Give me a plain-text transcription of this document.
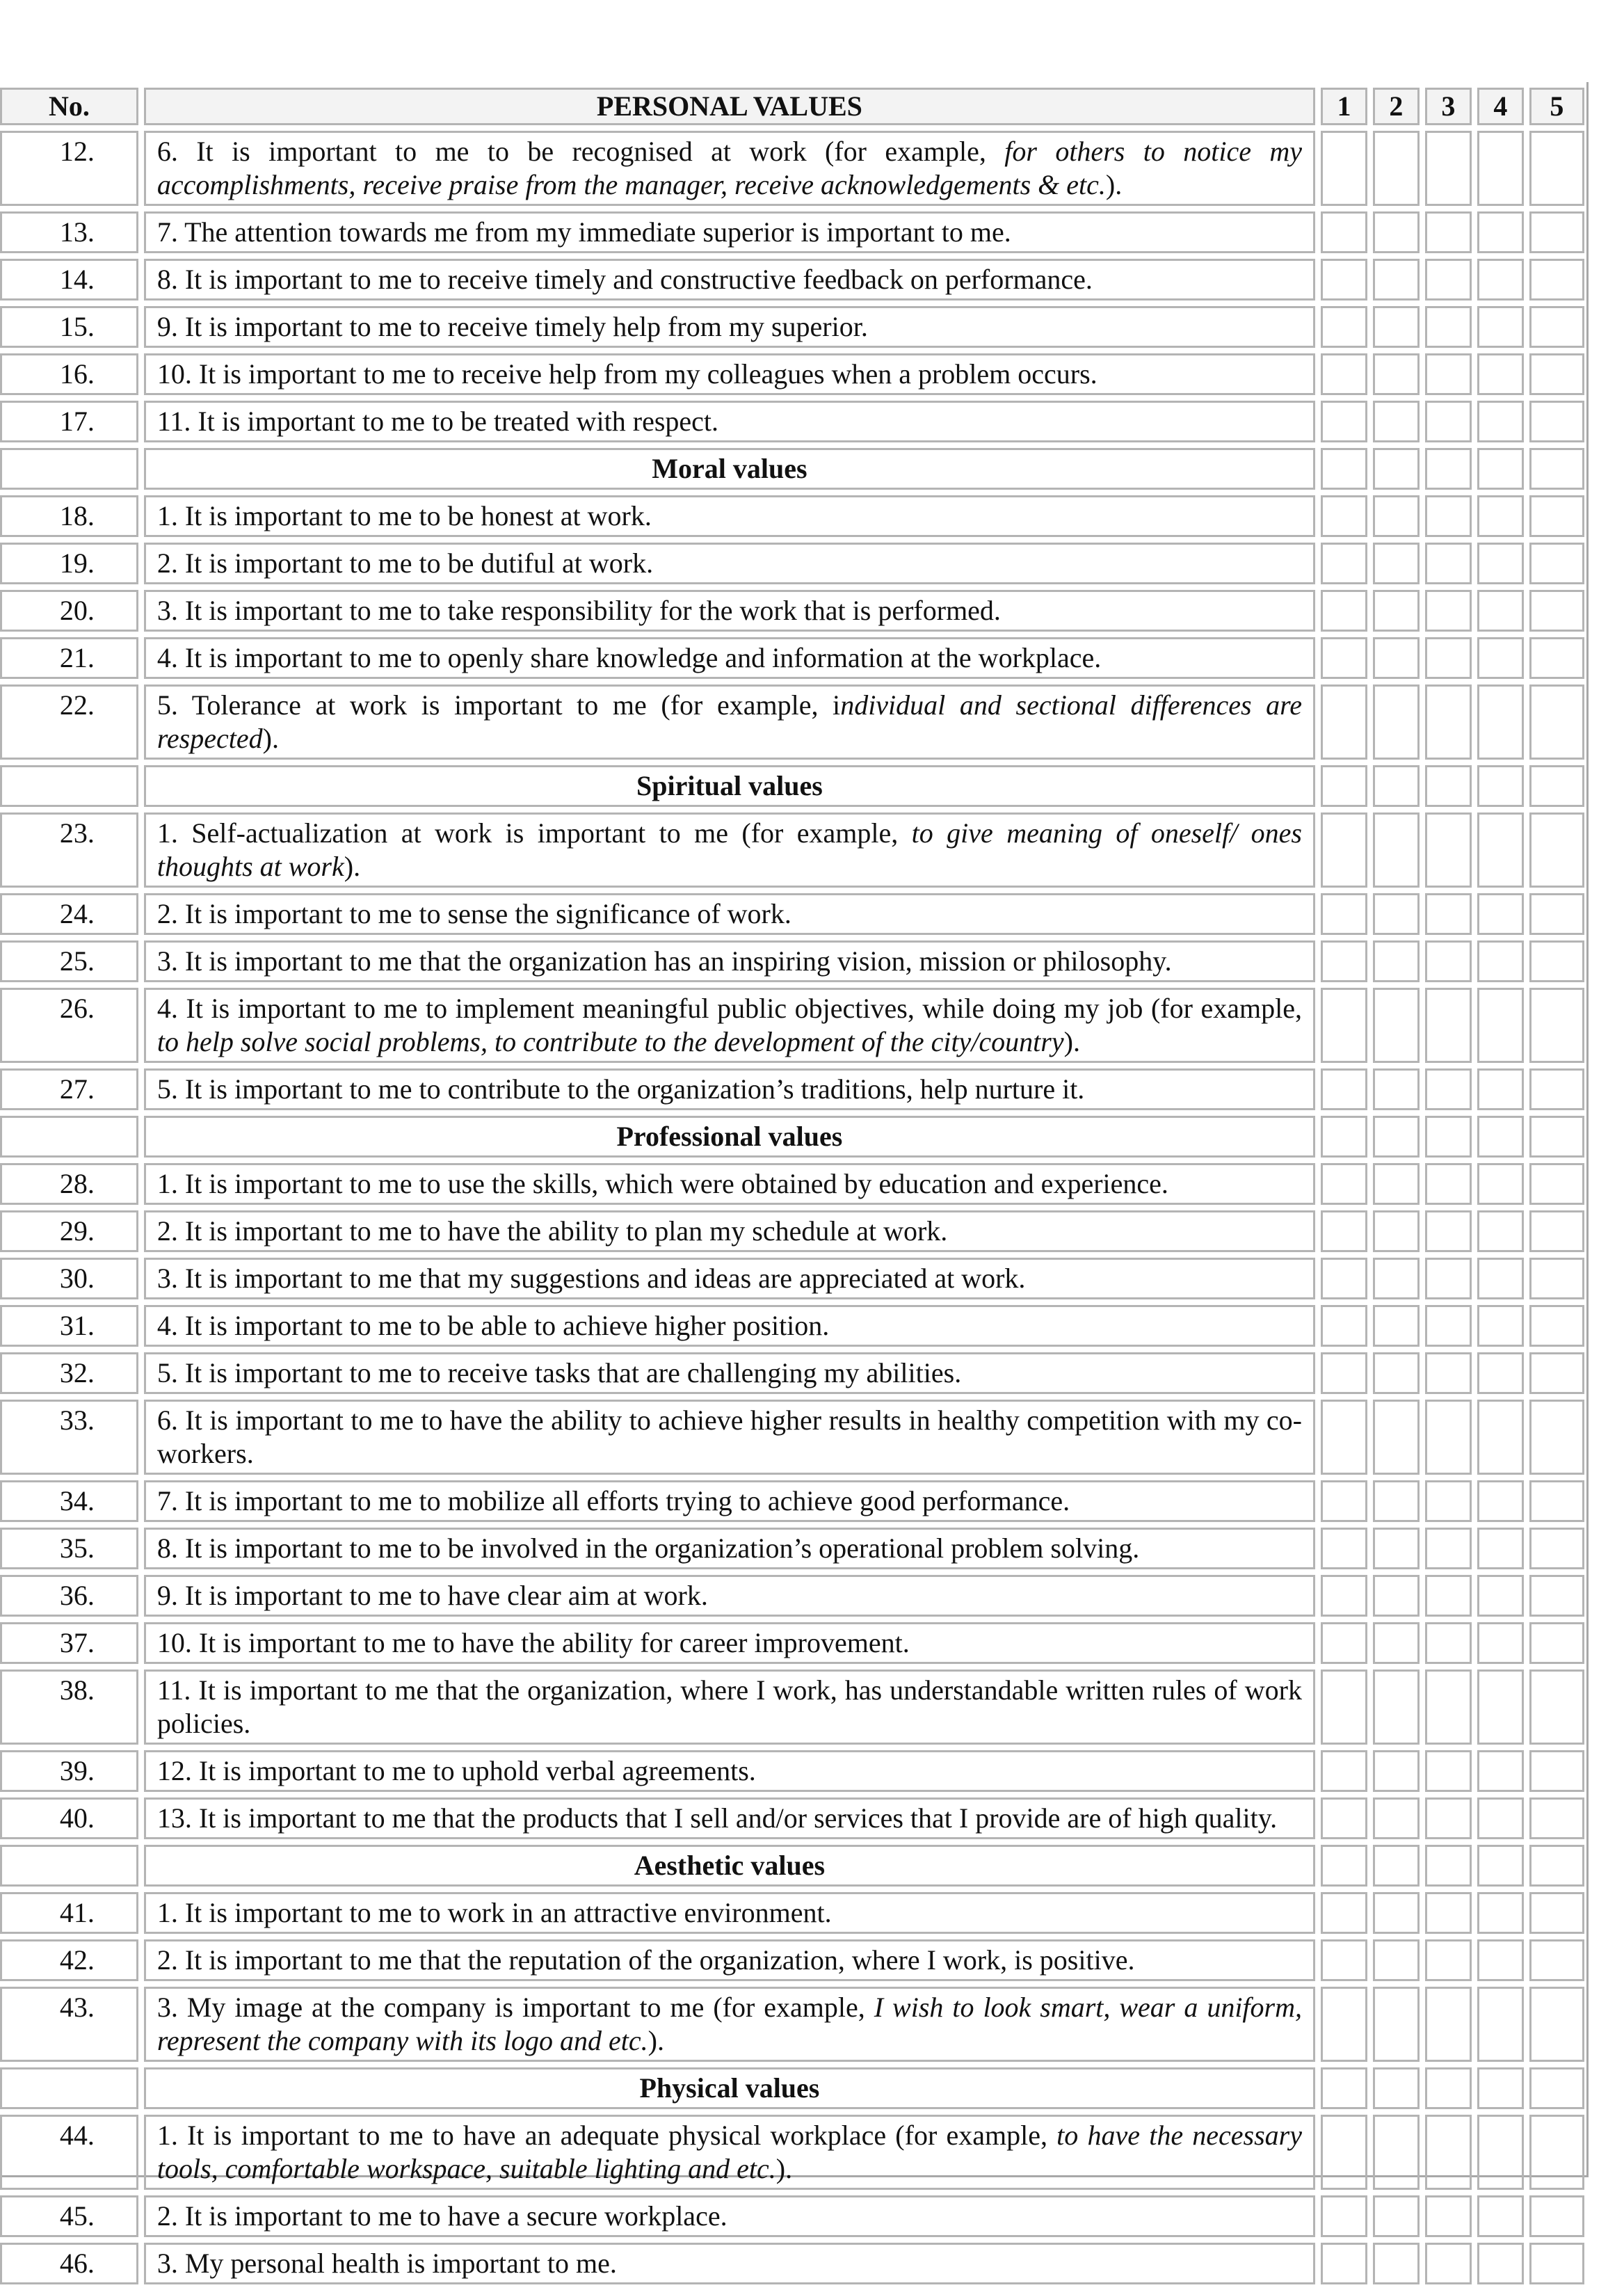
No.	PERSONAL VALUES	1	2	3	4	5
12.	6. It is important to me to be recognised at work (for example, for others to notice my accomplishments, receive praise from the manager, receive acknowledgements & etc.).					
13.	7. The attention towards me from my immediate superior is important to me.					
14.	8. It is important to me to receive timely and constructive feedback on performance.					
15.	9. It is important to me to receive timely help from my superior.					
16.	10. It is important to me to receive help from my colleagues when a problem occurs.					
17.	11. It is important to me to be treated with respect.					
	Moral values					
18.	1. It is important to me to be honest at work.					
19.	2. It is important to me to be dutiful at work.					
20.	3. It is important to me to take responsibility for the work that is performed.					
21.	4. It is important to me to openly share knowledge and information at the workplace.					
22.	5. Tolerance at work is important to me (for example, individual and sectional differences are respected).					
	Spiritual values					
23.	1. Self-actualization at work is important to me (for example, to give meaning of oneself/ ones thoughts at work).					
24.	2. It is important to me to sense the significance of work.					
25.	3. It is important to me that the organization has an inspiring vision, mission or philosophy.					
26.	4. It is important to me to implement meaningful public objectives, while doing my job (for example, to help solve social problems, to contribute to the development of the city/country).					
27.	5. It is important to me to contribute to the organization’s traditions, help nurture it.					
	Professional values					
28.	1. It is important to me to use the skills, which were obtained by education and experience.					
29.	2. It is important to me to have the ability to plan my schedule at work.					
30.	3. It is important to me that my suggestions and ideas are appreciated at work.					
31.	4. It is important to me to be able to achieve higher position.					
32.	5. It is important to me to receive tasks that are challenging my abilities.					
33.	6. It is important to me to have the ability to achieve higher results in healthy competition with my co-workers.					
34.	7. It is important to me to mobilize all efforts trying to achieve good performance.					
35.	8. It is important to me to be involved in the organization’s operational problem solving.					
36.	9. It is important to me to have clear aim at work.					
37.	10. It is important to me to have the ability for career improvement.					
38.	11. It is important to me that the organization, where I work, has understandable written rules of work policies.					
39.	12. It is important to me to uphold verbal agreements.					
40.	13. It is important to me that the products that I sell and/or services that I provide are of high quality.					
	Aesthetic values					
41.	1. It is important to me to work in an attractive environment.					
42.	2. It is important to me that the reputation of the organization, where I work, is positive.					
43.	3. My image at the company is important to me (for example, I wish to look smart, wear a uniform, represent the company with its logo and etc.).					
	Physical values					
44.	1. It is important to me to have an adequate physical workplace (for example, to have the necessary tools, comfortable workspace, suitable lighting and etc.).					
45.	2. It is important to me to have a secure workplace.					
46.	3. My personal health is important to me.					
